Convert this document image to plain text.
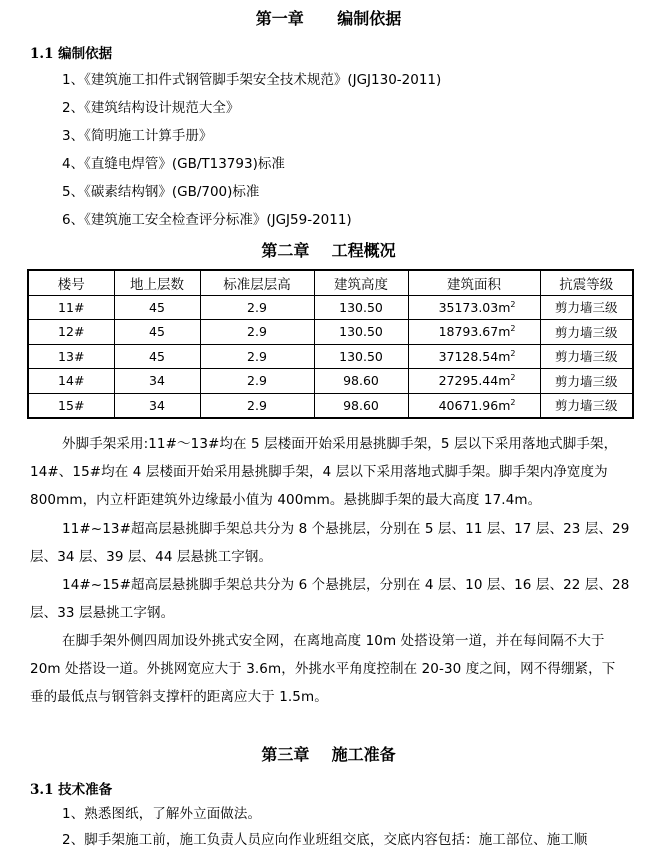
第一章      编制依据
1.1 编制依据
1、《建筑施工扣件式钢管脚手架安全技术规范》(JGJ130-2011)
2、《建筑结构设计规范大全》
3、《简明施工计算手册》
4、《直缝电焊管》(GB/T13793)标准
5、《碳素结构钢》(GB/700)标准
6、《建筑施工安全检查评分标准》(JGJ59-2011)
第二章    工程概况
楼号	地上层数	标准层层高	建筑高度	建筑面积	抗震等级
11#	45	2.9	130.50	$35173.03m^2$	剪力墙三级
12#	45	2.9	130.50	$18793.67m^2$	剪力墙三级
13#	45	2.9	130.50	$37128.54m^2$	剪力墙三级
14#	34	2.9	98.60	$27295.44m^2$	剪力墙三级
15#	34	2.9	98.60	$40671.96m^2$	剪力墙三级
外脚手架采用:11#～13#均在 5 层楼面开始采用悬挑脚手架，5 层以下采用落地式脚手架，
14#、15#均在 4 层楼面开始采用悬挑脚手架，4 层以下采用落地式脚手架。脚手架内净宽度为
800mm，内立杆距建筑外边缘最小值为 400mm。悬挑脚手架的最大高度 17.4m。
11#~13#超高层悬挑脚手架总共分为 8 个悬挑层，分别在 5 层、11 层、17 层、23 层、29
层、34 层、39 层、44 层悬挑工字钢。
14#~15#超高层悬挑脚手架总共分为 6 个悬挑层，分别在 4 层、10 层、16 层、22 层、28
层、33 层悬挑工字钢。
在脚手架外侧四周加设外挑式安全网，在离地高度 10m 处搭设第一道，并在每间隔不大于
20m 处搭设一道。外挑网宽应大于 3.6m，外挑水平角度控制在 20-30 度之间，网不得绷紧，下
垂的最低点与钢管斜支撑杆的距离应大于 1.5m。
第三章    施工准备
3.1 技术准备
1、熟悉图纸，了解外立面做法。
2、脚手架施工前，施工负责人员应向作业班组交底，交底内容包括：施工部位、施工顺
